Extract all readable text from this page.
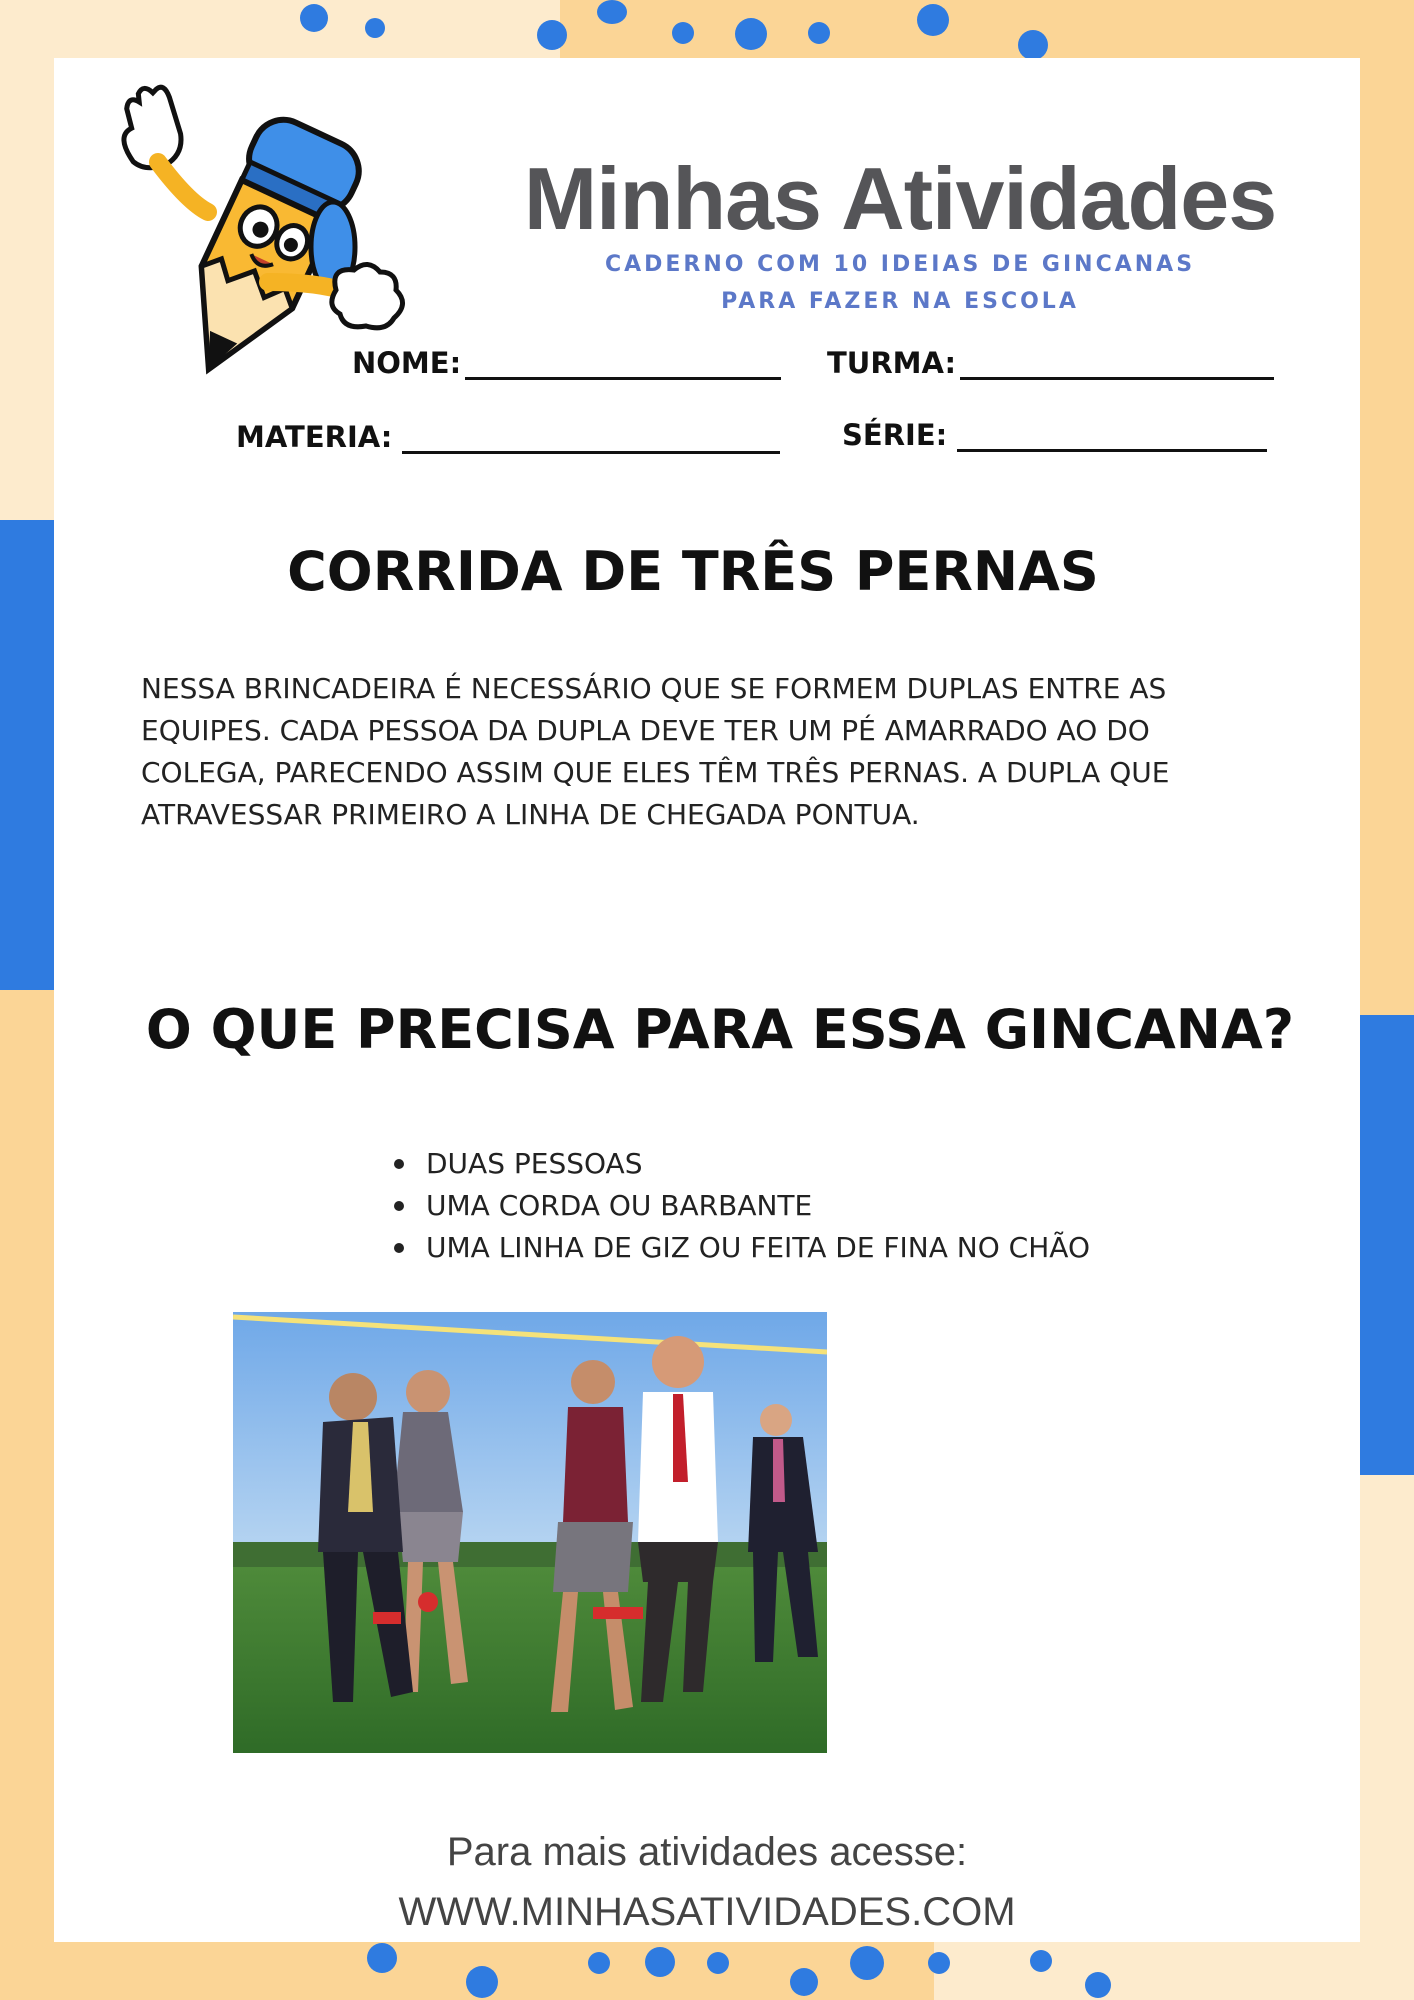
Minhas Atividades
CADERNO COM 10 IDEIAS DE GINCANAS
PARA FAZER NA ESCOLA
NOME:	TURMA:
MATERIA:	SÉRIE:
CORRIDA DE TRÊS PERNAS
NESSA BRINCADEIRA É NECESSÁRIO QUE SE FORMEM DUPLAS ENTRE AS EQUIPES. CADA PESSOA DA DUPLA DEVE TER UM PÉ AMARRADO AO DO COLEGA, PARECENDO ASSIM QUE ELES TÊM TRÊS PERNAS. A DUPLA QUE ATRAVESSAR PRIMEIRO A LINHA DE CHEGADA PONTUA.
O QUE PRECISA PARA ESSA GINCANA?
DUAS PESSOAS
UMA CORDA OU BARBANTE
UMA LINHA DE GIZ OU FEITA DE FINA NO CHÃO
Para mais atividades acesse:
WWW.MINHASATIVIDADES.COM
